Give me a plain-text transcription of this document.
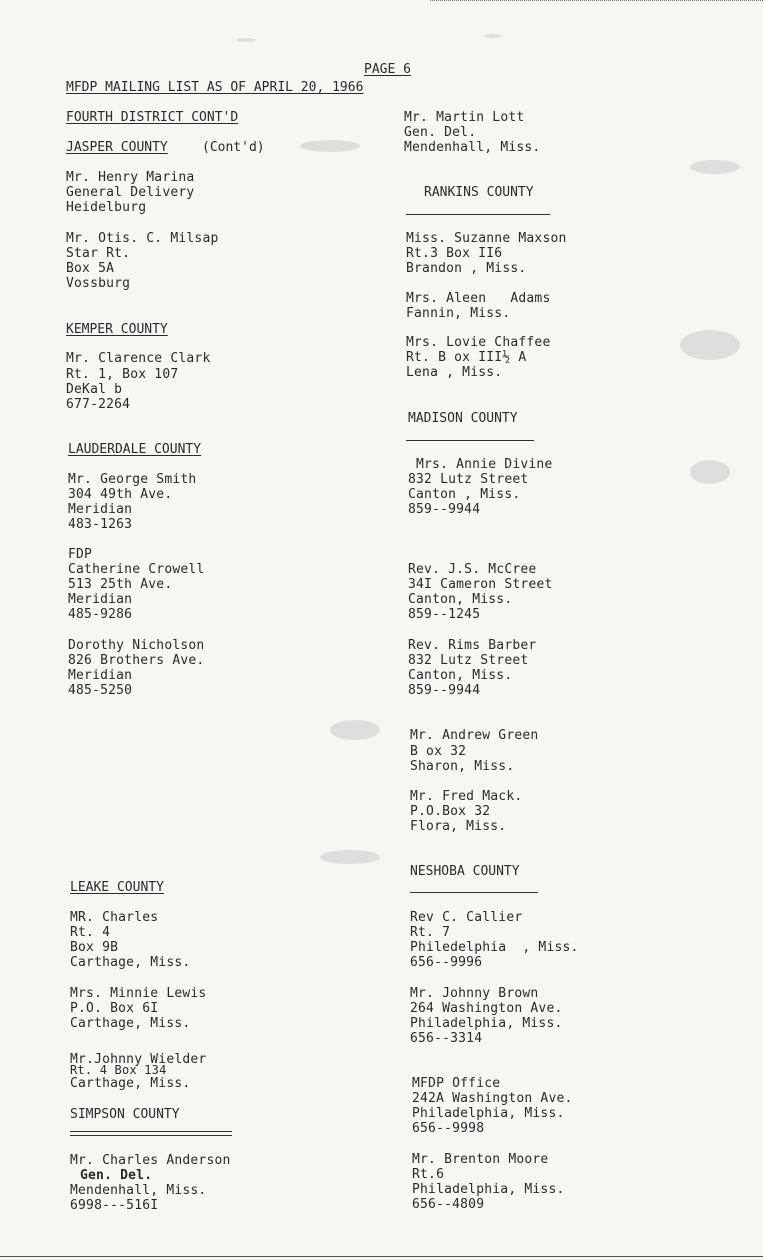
PAGE 6
MFDP MAILING LIST AS OF APRIL 20, 1966
FOURTH DISTRICT CONT'D
JASPER COUNTY	(Cont'd)
Mr. Henry Marina
General Delivery
Heidelburg
Mr. Otis. C. Milsap
Star Rt.
Box 5A
Vossburg
KEMPER COUNTY
Mr. Clarence Clark
Rt. 1, Box 107
DeKal b
677-2264
LAUDERDALE COUNTY
Mr. George Smith
304 49th Ave.
Meridian
483-1263
FDP
Catherine Crowell
513 25th Ave.
Meridian
485-9286
Dorothy Nicholson
826 Brothers Ave.
Meridian
485-5250
LEAKE COUNTY
MR. Charles
Rt. 4
Box 9B
Carthage, Miss.
Mrs. Minnie Lewis
P.O. Box 6I
Carthage, Miss.
Mr.Johnny Wielder
Rt. 4 Box 134
Carthage, Miss.
SIMPSON COUNTY
Mr. Charles Anderson
Gen. Del.
Mendenhall, Miss.
6998---516I
Mr. Martin Lott
Gen. Del.
Mendenhall, Miss.
RANKINS COUNTY
Miss. Suzanne Maxson
Rt.3 Box II6
Brandon , Miss.
Mrs. Aleen   Adams
Fannin, Miss.
Mrs. Lovie Chaffee
Rt. B ox III½ A
Lena , Miss.
MADISON COUNTY
Mrs. Annie Divine
832 Lutz Street
Canton , Miss.
859--9944
Rev. J.S. McCree
34I Cameron Street
Canton, Miss.
859--1245
Rev. Rims Barber
832 Lutz Street
Canton, Miss.
859--9944
Mr. Andrew Green
B ox 32
Sharon, Miss.
Mr. Fred Mack.
P.O.Box 32
Flora, Miss.
NESHOBA COUNTY
Rev C. Callier
Rt. 7
Philedelphia  , Miss.
656--9996
Mr. Johnny Brown
264 Washington Ave.
Philadelphia, Miss.
656--3314
MFDP Office
242A Washington Ave.
Philadelphia, Miss.
656--9998
Mr. Brenton Moore
Rt.6
Philadelphia, Miss.
656--4809
